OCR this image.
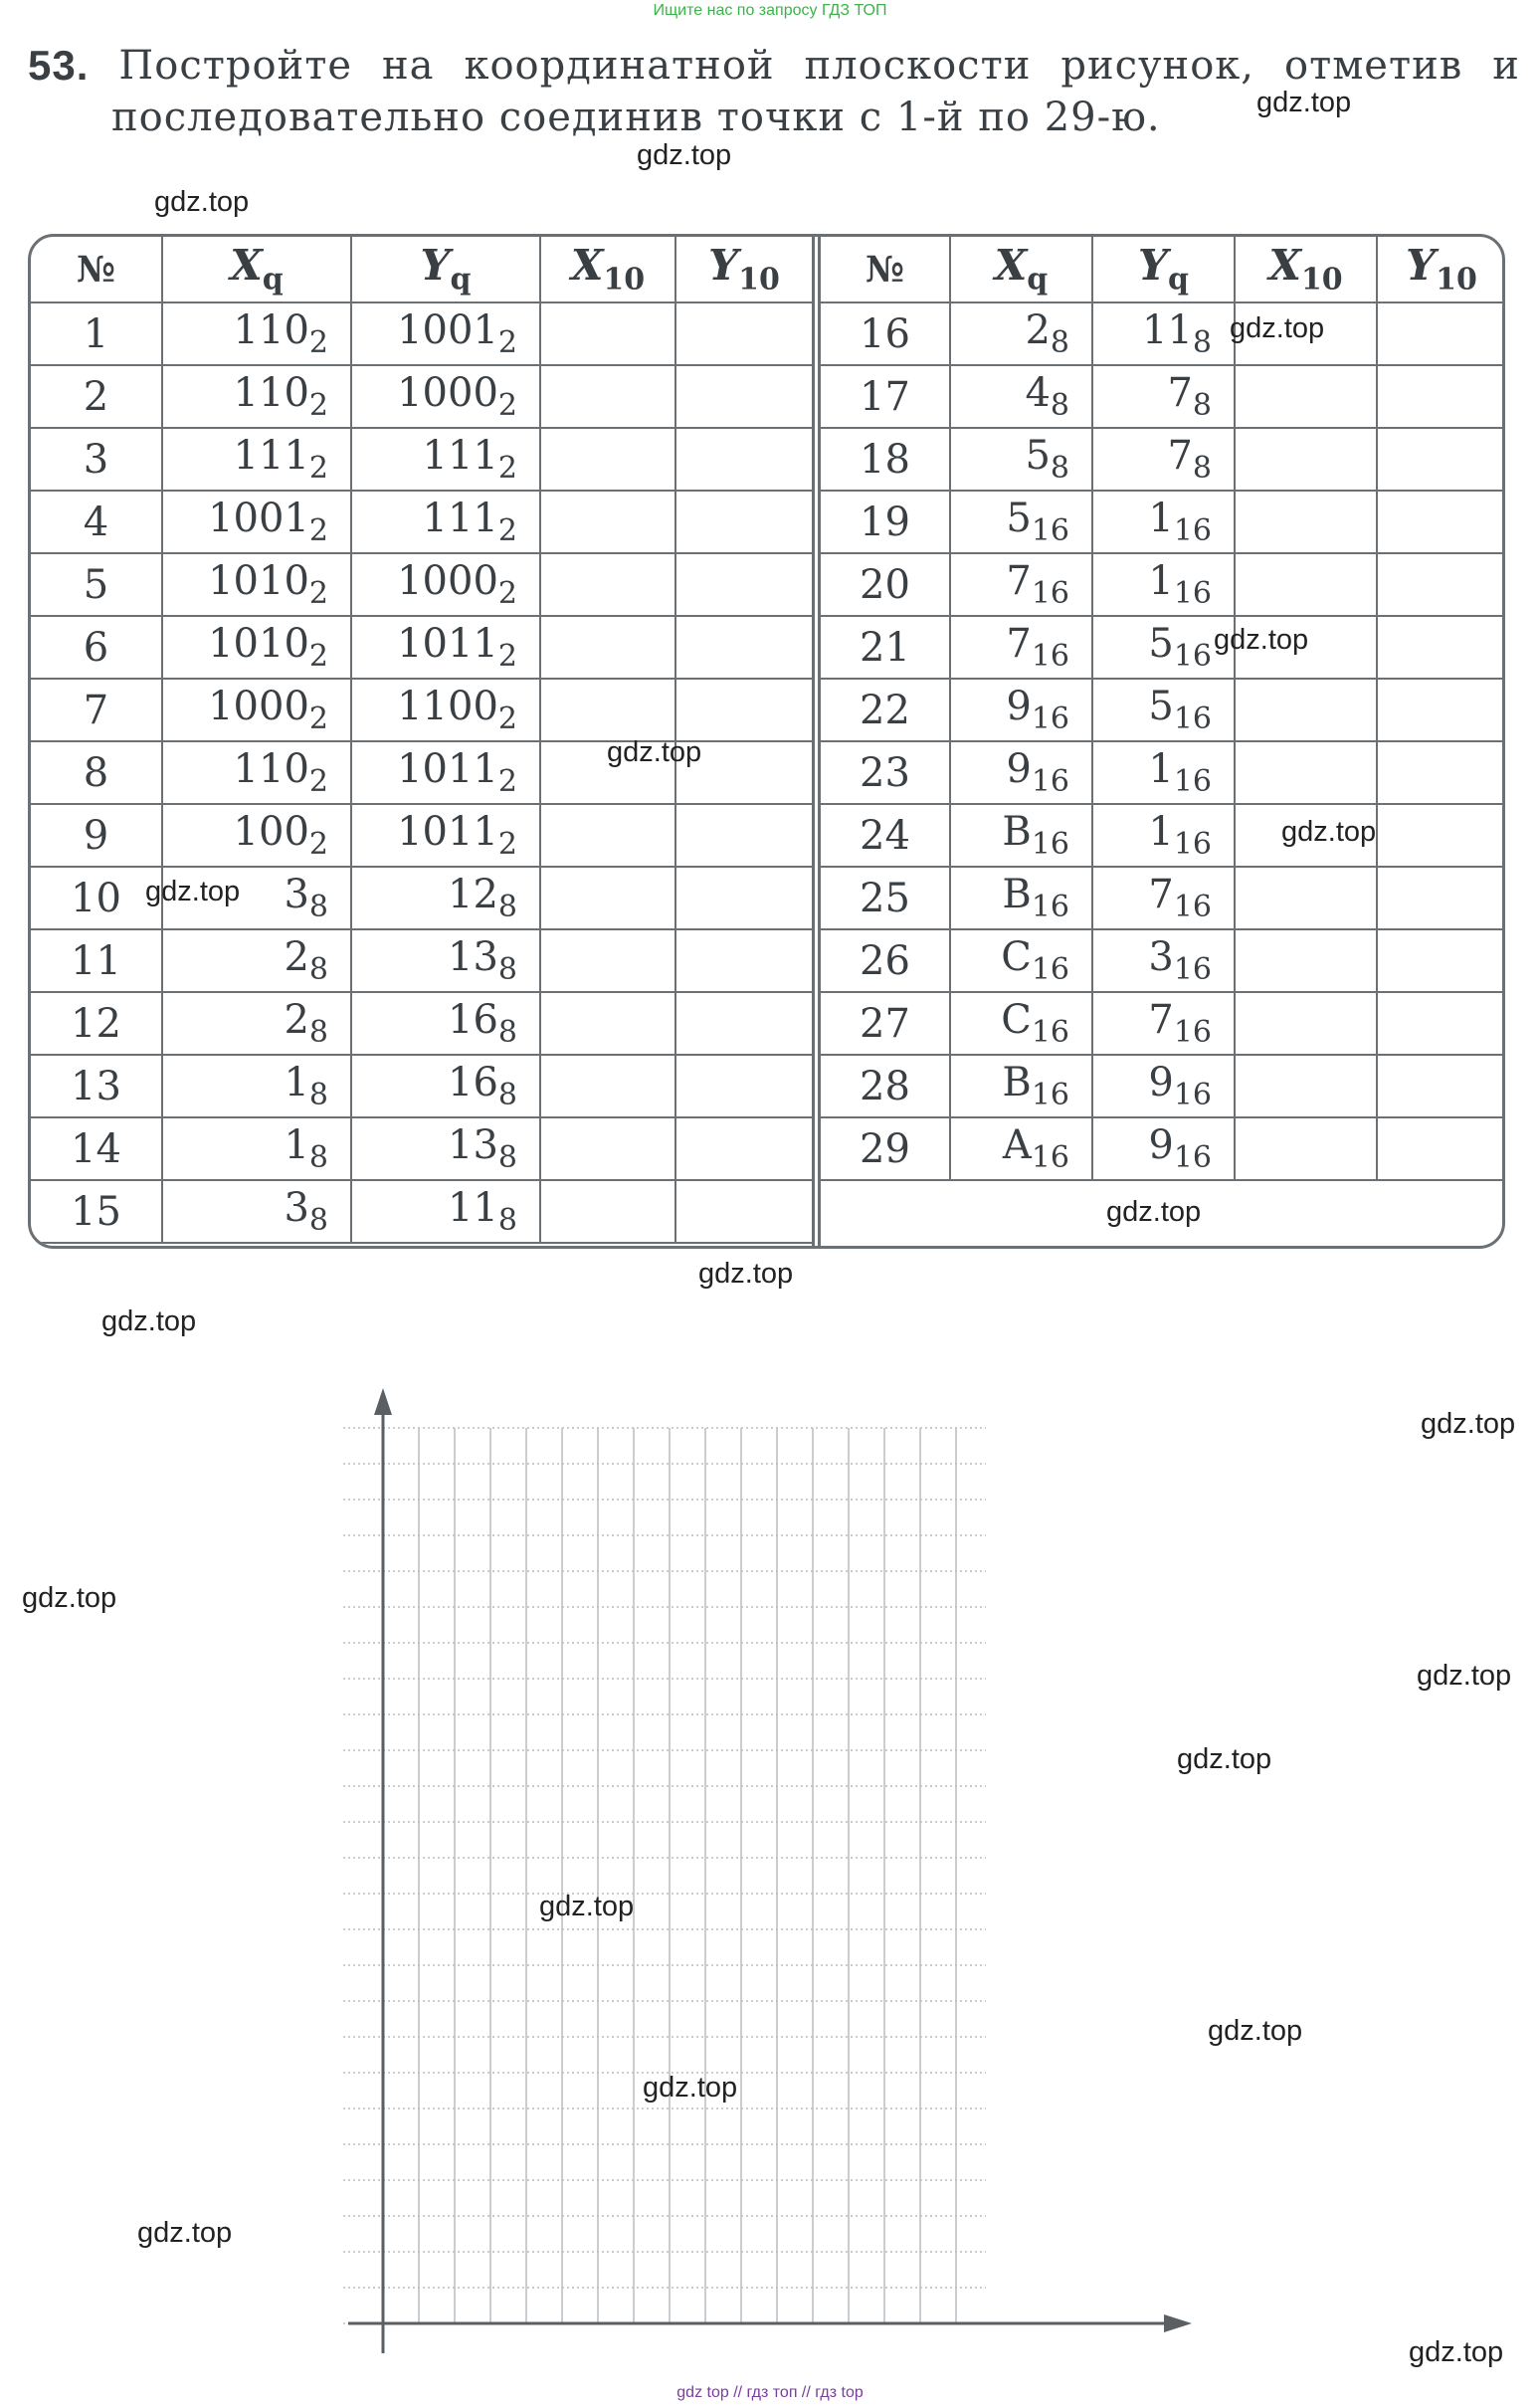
Ищите нас по запросу ГДЗ ТОП
53. Постройте на координатной плоскости рисунок, отметив и
последовательно соединив точки с 1-й по 29-ю.
№	$X_q$	$Y_q$	$X_{10}$	$Y_{10}$
1	$110_2$	$1001_2$		
2	$110_2$	$1000_2$		
3	$111_2$	$111_2$		
4	$1001_2$	$111_2$		
5	$1010_2$	$1000_2$		
6	$1010_2$	$1011_2$		
7	$1000_2$	$1100_2$		
8	$110_2$	$1011_2$		
9	$100_2$	$1011_2$		
10	$3_8$	$12_8$		
11	$2_8$	$13_8$		
12	$2_8$	$16_8$		
13	$1_8$	$16_8$		
14	$1_8$	$13_8$		
15	$3_8$	$11_8$		
№	$X_q$	$Y_q$	$X_{10}$	$Y_{10}$
16	$2_8$	$11_8$		
17	$4_8$	$7_8$		
18	$5_8$	$7_8$		
19	$5_{16}$	$1_{16}$		
20	$7_{16}$	$1_{16}$		
21	$7_{16}$	$5_{16}$		
22	$9_{16}$	$5_{16}$		
23	$9_{16}$	$1_{16}$		
24	$B_{16}$	$1_{16}$		
25	$B_{16}$	$7_{16}$		
26	$C_{16}$	$3_{16}$		
27	$C_{16}$	$7_{16}$		
28	$B_{16}$	$9_{16}$		
29	$A_{16}$	$9_{16}$		

gdz.top
gdz.top
gdz.top
gdz.top
gdz.top
gdz.top
gdz.top
gdz.top
gdz.top
gdz.top
gdz.top
gdz.top
gdz.top
gdz.top
gdz.top
gdz.top
gdz.top
gdz.top
gdz.top
gdz.top
gdz top // гдз топ // гдз top
